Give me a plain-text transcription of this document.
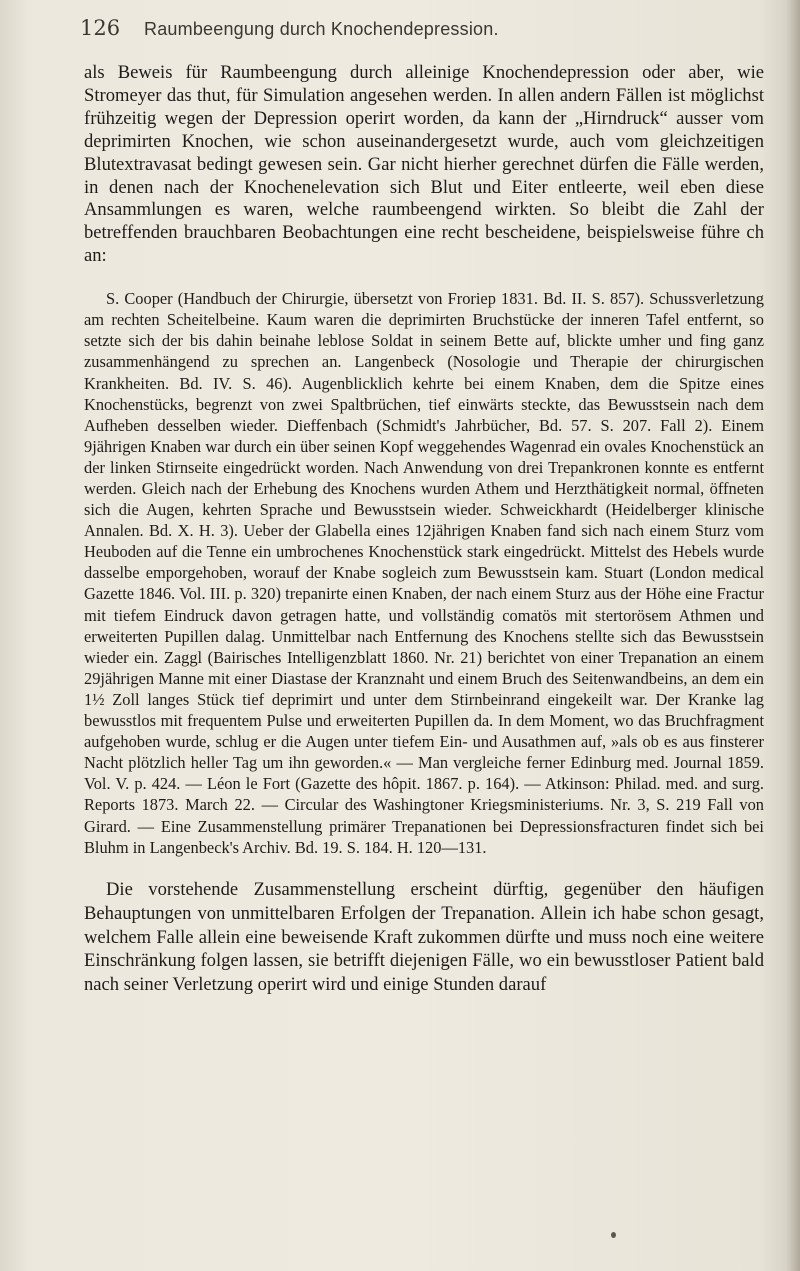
126 Raumbeengung durch Knochendepression.

als Beweis für Raumbeengung durch alleinige Knochendepression oder aber, wie Stromeyer das thut, für Simulation angesehen werden. In allen andern Fällen ist möglichst frühzeitig wegen der Depression operirt worden, da kann der „Hirndruck“ ausser vom deprimirten Knochen, wie schon auseinandergesetzt wurde, auch vom gleichzeitigen Blutextravasat bedingt gewesen sein. Gar nicht hierher gerechnet dürfen die Fälle werden, in denen nach der Knochenelevation sich Blut und Eiter entleerte, weil eben diese Ansammlungen es waren, welche raumbeengend wirkten. So bleibt die Zahl der betreffenden brauchbaren Beobachtungen eine recht bescheidene, beispielsweise führe ch an:

S. Cooper (Handbuch der Chirurgie, übersetzt von Froriep 1831. Bd. II. S. 857). Schussverletzung am rechten Scheitelbeine. Kaum waren die deprimirten Bruchstücke der inneren Tafel entfernt, so setzte sich der bis dahin beinahe leblose Soldat in seinem Bette auf, blickte umher und fing ganz zusammenhängend zu sprechen an. Langenbeck (Nosologie und Therapie der chirurgischen Krankheiten. Bd. IV. S. 46). Augenblicklich kehrte bei einem Knaben, dem die Spitze eines Knochenstücks, begrenzt von zwei Spaltbrüchen, tief einwärts steckte, das Bewusstsein nach dem Aufheben desselben wieder. Dieffenbach (Schmidt's Jahrbücher, Bd. 57. S. 207. Fall 2). Einem 9jährigen Knaben war durch ein über seinen Kopf weggehendes Wagenrad ein ovales Knochenstück an der linken Stirnseite eingedrückt worden. Nach Anwendung von drei Trepankronen konnte es entfernt werden. Gleich nach der Erhebung des Knochens wurden Athem und Herzthätigkeit normal, öffneten sich die Augen, kehrten Sprache und Bewusstsein wieder. Schweickhardt (Heidelberger klinische Annalen. Bd. X. H. 3). Ueber der Glabella eines 12jährigen Knaben fand sich nach einem Sturz vom Heuboden auf die Tenne ein umbrochenes Knochenstück stark eingedrückt. Mittelst des Hebels wurde dasselbe emporgehoben, worauf der Knabe sogleich zum Bewusstsein kam. Stuart (London medical Gazette 1846. Vol. III. p. 320) trepanirte einen Knaben, der nach einem Sturz aus der Höhe eine Fractur mit tiefem Eindruck davon getragen hatte, und vollständig comatös mit stertorösem Athmen und erweiterten Pupillen dalag. Unmittelbar nach Entfernung des Knochens stellte sich das Bewusstsein wieder ein. Zaggl (Bairisches Intelligenzblatt 1860. Nr. 21) berichtet von einer Trepanation an einem 29jährigen Manne mit einer Diastase der Kranznaht und einem Bruch des Seitenwandbeins, an dem ein 1½ Zoll langes Stück tief deprimirt und unter dem Stirnbeinrand eingekeilt war. Der Kranke lag bewusstlos mit frequentem Pulse und erweiterten Pupillen da. In dem Moment, wo das Bruchfragment aufgehoben wurde, schlug er die Augen unter tiefem Ein- und Ausathmen auf, »als ob es aus finsterer Nacht plötzlich heller Tag um ihn geworden.« — Man vergleiche ferner Edinburg med. Journal 1859. Vol. V. p. 424. — Léon le Fort (Gazette des hôpit. 1867. p. 164). — Atkinson: Philad. med. and surg. Reports 1873. March 22. — Circular des Washingtoner Kriegsministeriums. Nr. 3, S. 219 Fall von Girard. — Eine Zusammenstellung primärer Trepanationen bei Depressionsfracturen findet sich bei Bluhm in Langenbeck's Archiv. Bd. 19. S. 184. H. 120—131.

Die vorstehende Zusammenstellung erscheint dürftig, gegenüber den häufigen Behauptungen von unmittelbaren Erfolgen der Trepanation. Allein ich habe schon gesagt, welchem Falle allein eine beweisende Kraft zukommen dürfte und muss noch eine weitere Einschränkung folgen lassen, sie betrifft diejenigen Fälle, wo ein bewusstloser Patient bald nach seiner Verletzung operirt wird und einige Stunden darauf
